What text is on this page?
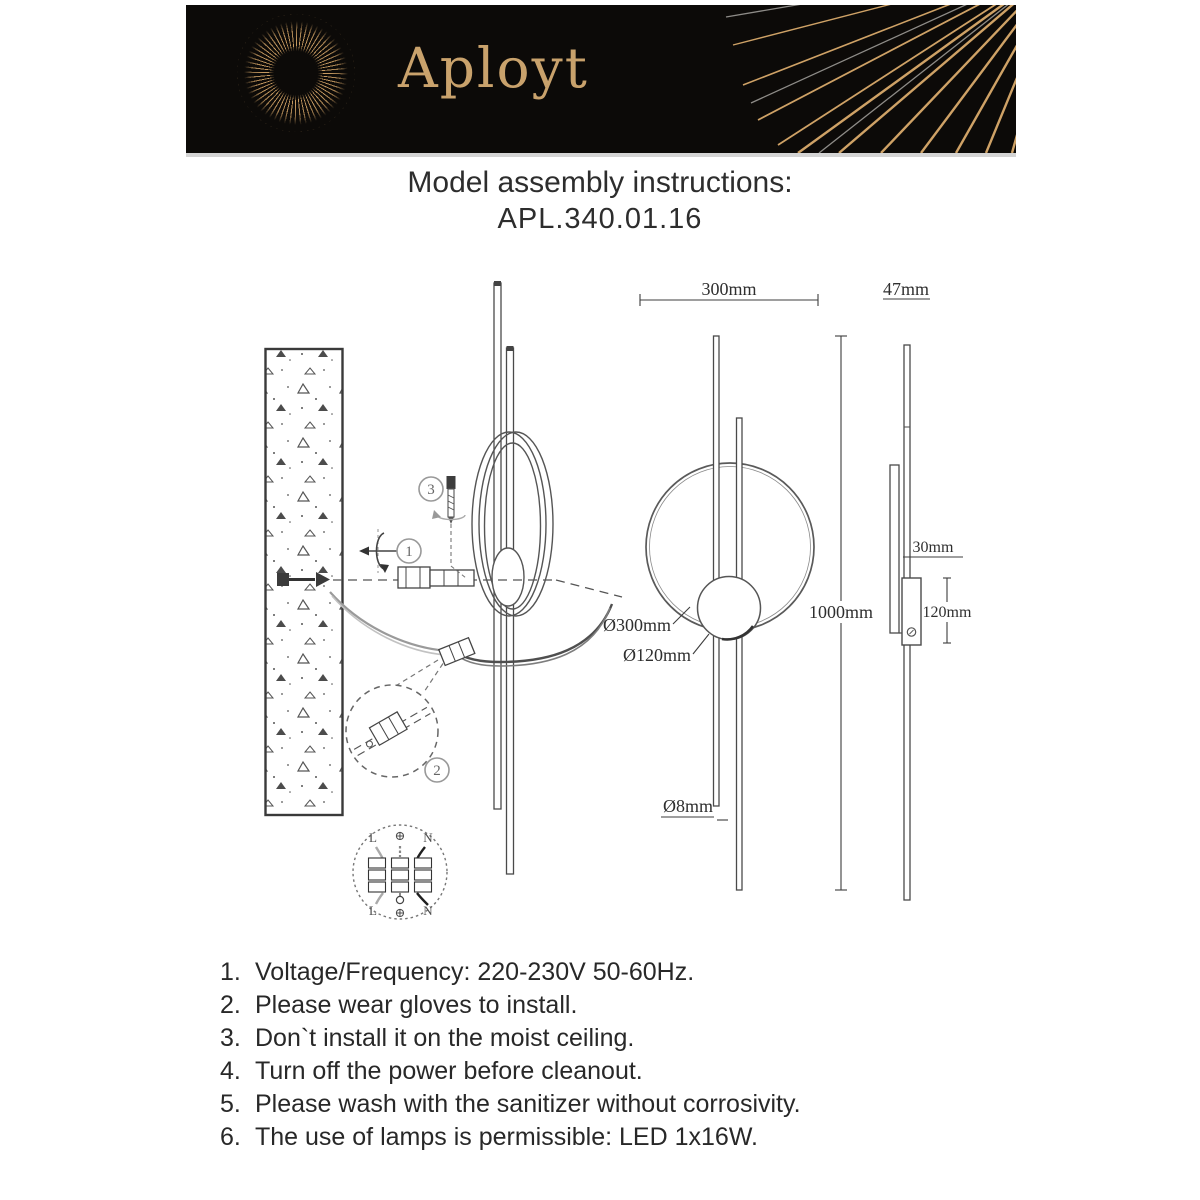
Aployt
Model assembly instructions:
APL.340.01.16
2
1
3
L ⊕ N
L ⊕ N
300mm
1000mm
Ø300mm
Ø120mm
Ø8mm
47mm
30mm
120mm
1. Voltage/Frequency: 220-230V 50-60Hz.
2. Please wear gloves to install.
3. Don`t install it on the moist ceiling.
4. Turn off the power before cleanout.
5. Please wash with the sanitizer without corrosivity.
6. The use of lamps is permissible: LED 1x16W.
